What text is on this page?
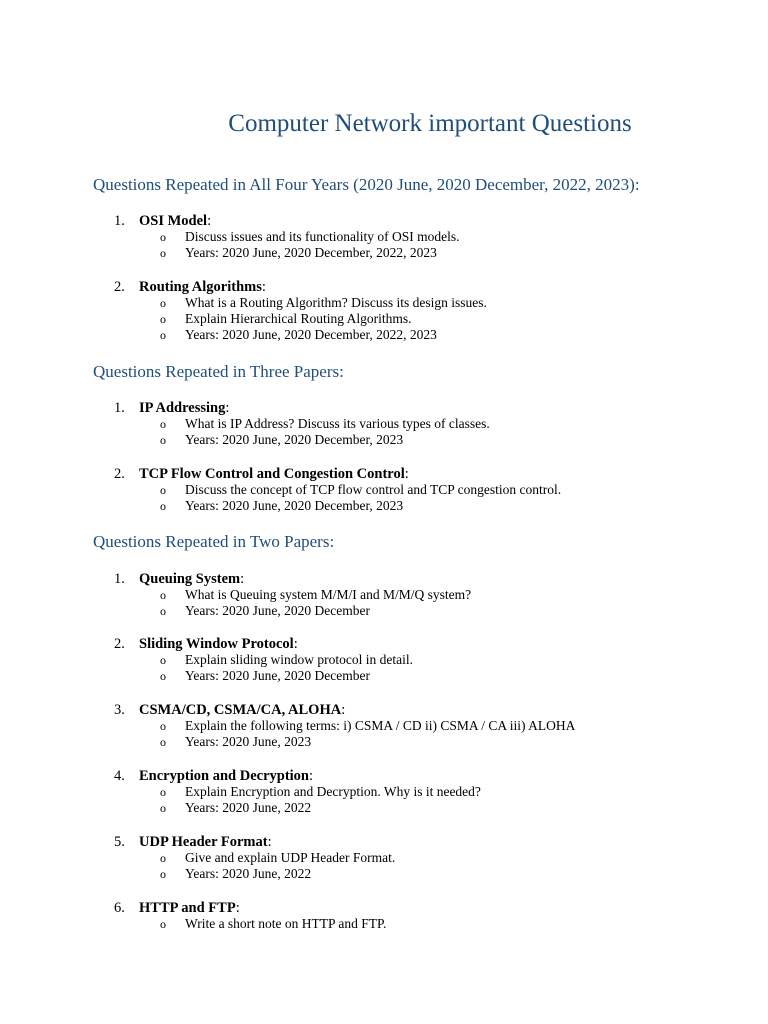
Computer Network important Questions
Questions Repeated in All Four Years (2020 June, 2020 December, 2022, 2023):
1. OSI Model:
o Discuss issues and its functionality of OSI models.
o Years: 2020 June, 2020 December, 2022, 2023
2. Routing Algorithms:
o What is a Routing Algorithm? Discuss its design issues.
o Explain Hierarchical Routing Algorithms.
o Years: 2020 June, 2020 December, 2022, 2023
Questions Repeated in Three Papers:
1. IP Addressing:
o What is IP Address? Discuss its various types of classes.
o Years: 2020 June, 2020 December, 2023
2. TCP Flow Control and Congestion Control:
o Discuss the concept of TCP flow control and TCP congestion control.
o Years: 2020 June, 2020 December, 2023
Questions Repeated in Two Papers:
1. Queuing System:
o What is Queuing system M/M/I and M/M/Q system?
o Years: 2020 June, 2020 December
2. Sliding Window Protocol:
o Explain sliding window protocol in detail.
o Years: 2020 June, 2020 December
3. CSMA/CD, CSMA/CA, ALOHA:
o Explain the following terms: i) CSMA / CD ii) CSMA / CA iii) ALOHA
o Years: 2020 June, 2023
4. Encryption and Decryption:
o Explain Encryption and Decryption. Why is it needed?
o Years: 2020 June, 2022
5. UDP Header Format:
o Give and explain UDP Header Format.
o Years: 2020 June, 2022
6. HTTP and FTP:
o Write a short note on HTTP and FTP.
